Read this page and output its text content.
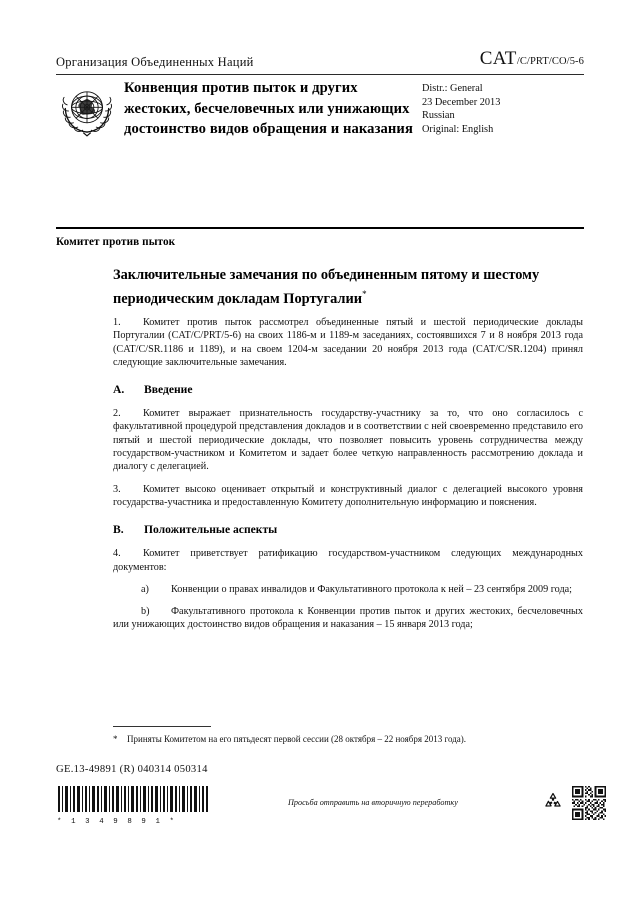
Организация Объединенных Наций	CAT/C/PRT/CO/5-6
Конвенция против пыток и других жестоких, бесчеловечных или унижающих достоинство видов обращения и наказания
Distr.: General
23 December 2013
Russian
Original: English
Комитет против пыток
Заключительные замечания по объединенным пятому и шестому периодическим докладам Португалии*

1. Комитет против пыток рассмотрел объединенные пятый и шестой периодические доклады Португалии (CAT/C/PRT/5-6) на своих 1186-м и 1189-м заседаниях, состоявшихся 7 и 8 ноября 2013 года (CAT/C/SR.1186 и 1189), и на своем 1204-м заседании 20 ноября 2013 года (CAT/C/SR.1204) принял следующие заключительные замечания.

A.	Введение

2. Комитет выражает признательность государству-участнику за то, что оно согласилось с факультативной процедурой представления докладов и в соответствии с ней своевременно представило его пятый и шестой периодические доклады, что позволяет повысить уровень сотрудничества между государством-участником и Комитетом и задает более четкую направленность рассмотрению доклада и диалогу с делегацией.

3. Комитет высоко оценивает открытый и конструктивный диалог с делегацией высокого уровня государства-участника и предоставленную Комитету дополнительную информацию и пояснения.

B.	Положительные аспекты

4. Комитет приветствует ратификацию государством-участником следующих международных документов:

a) Конвенции о правах инвалидов и Факультативного протокола к ней – 23 сентября 2009 года;

b) Факультативного протокола к Конвенции против пыток и других жестоких, бесчеловечных или унижающих достоинство видов обращения и наказания – 15 января 2013 года;

* Приняты Комитетом на его пятьдесят первой сессии (28 октября – 22 ноября 2013 года).
GE.13-49891 (R) 040314 050314
* 1 3 4 9 8 9 1 *
Просьба отправить на вторичную переработку
